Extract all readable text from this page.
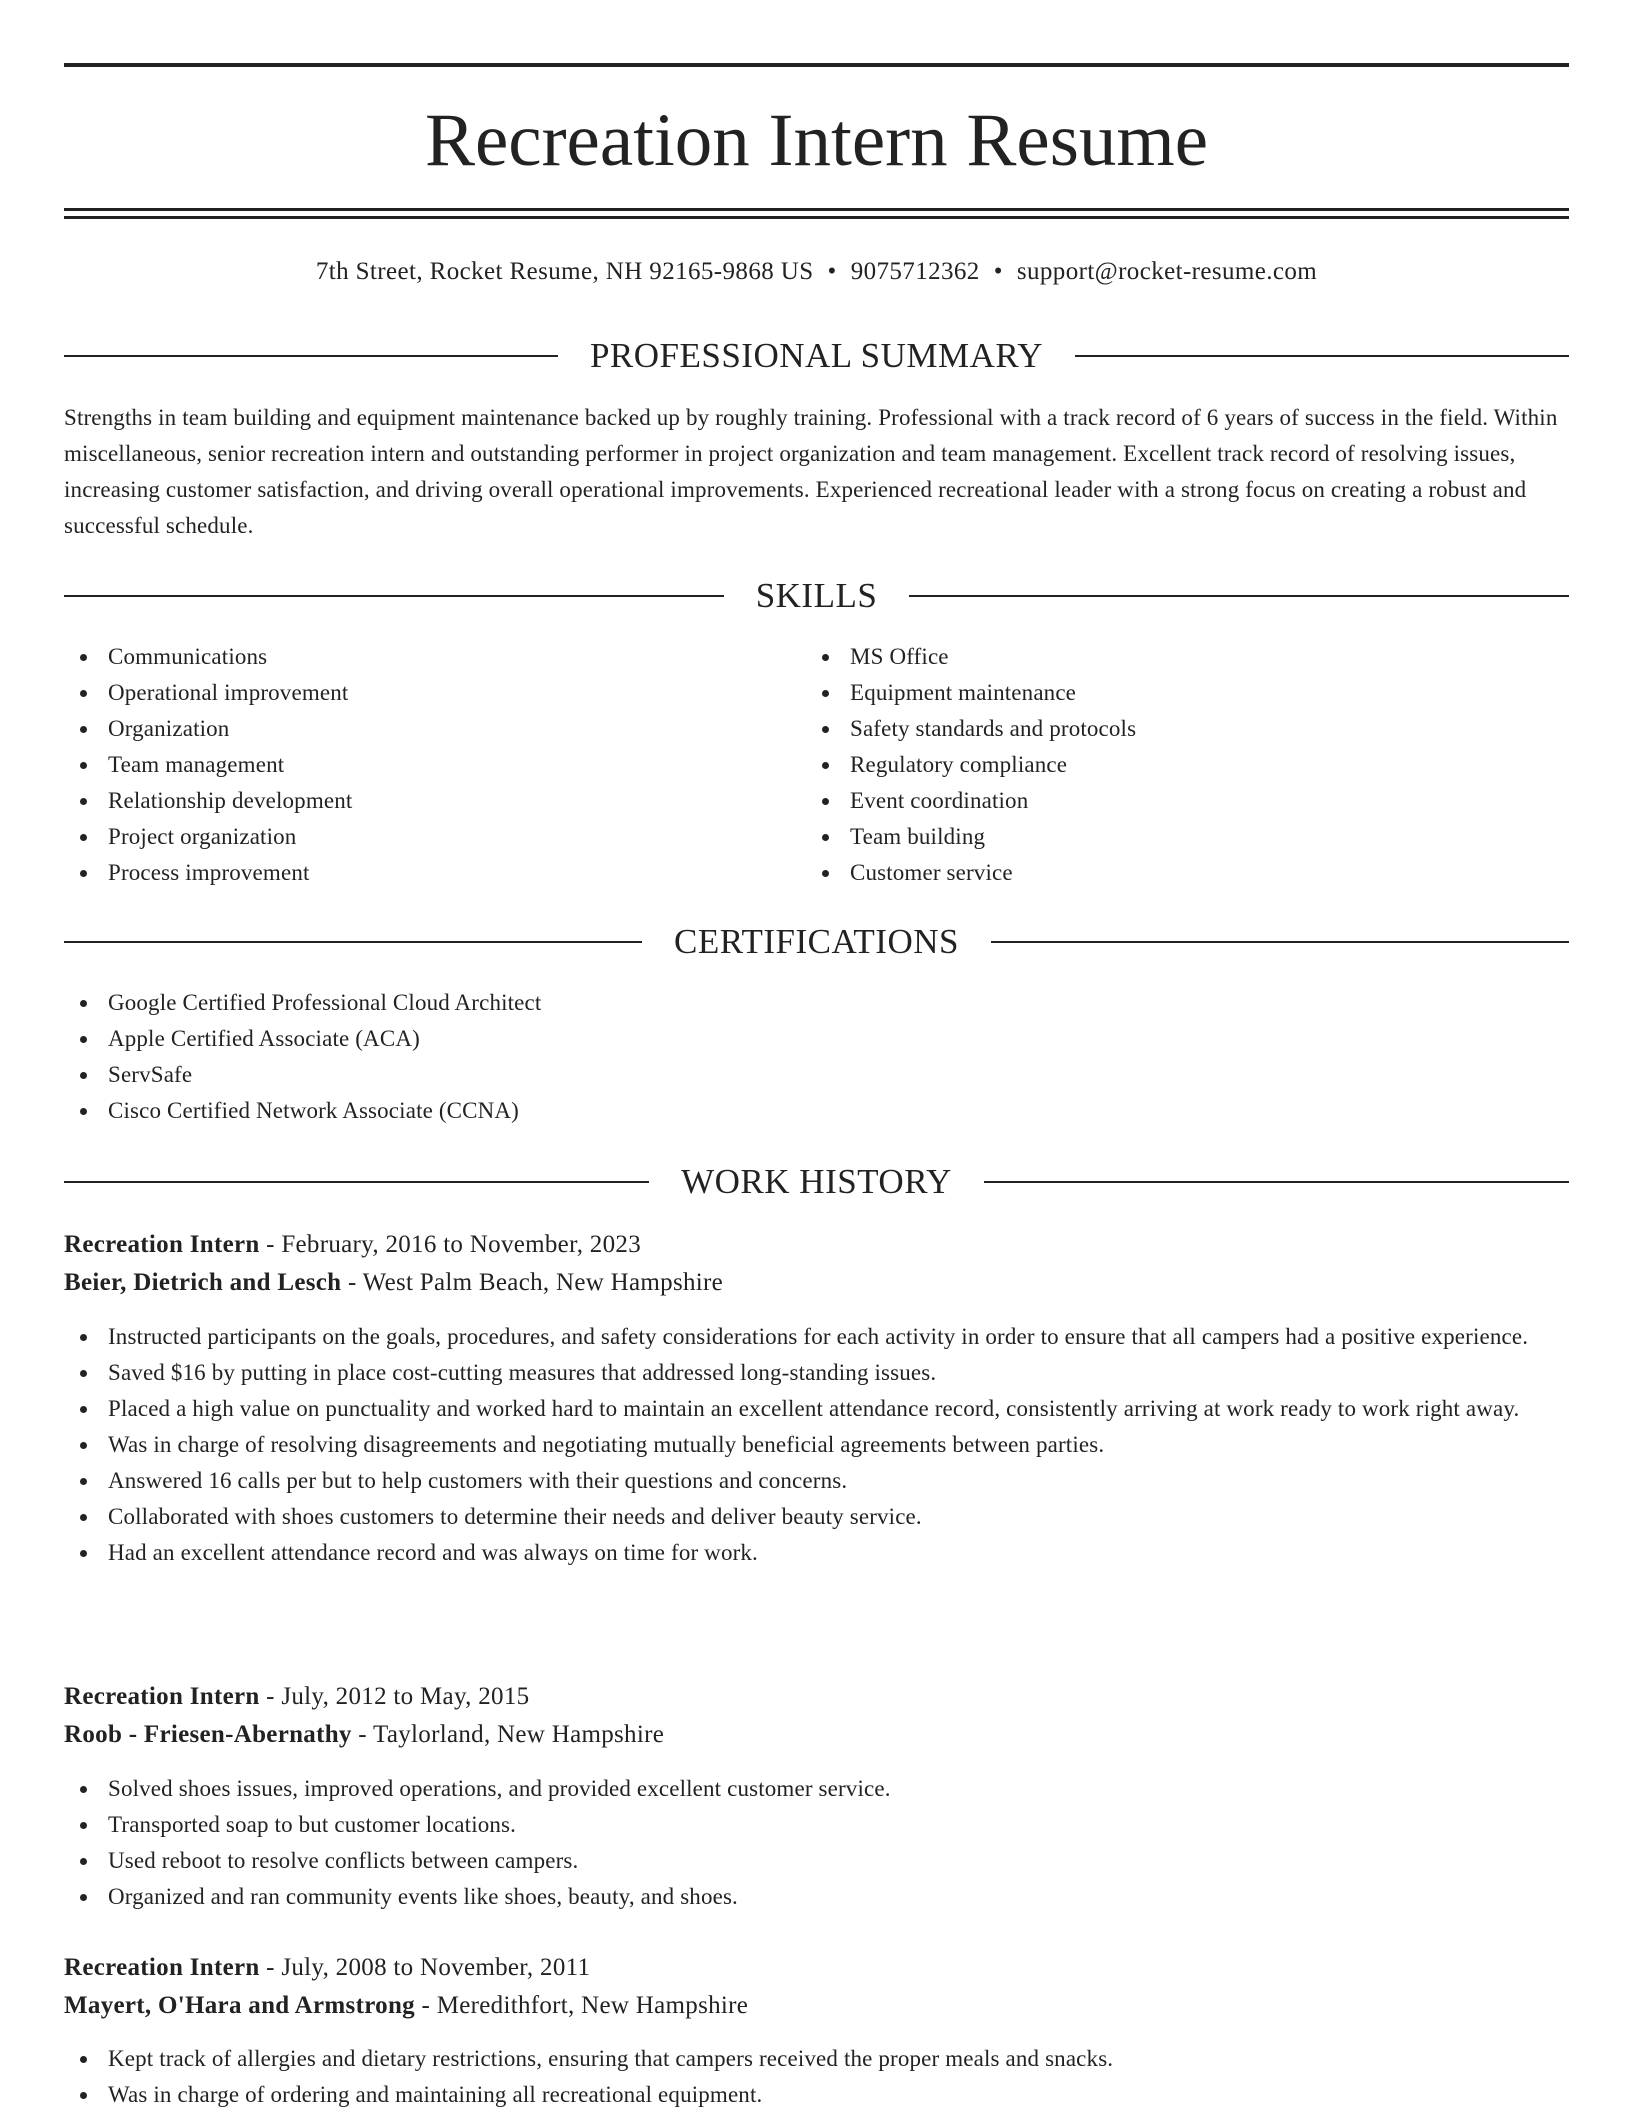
Recreation Intern Resume
7th Street, Rocket Resume, NH 92165-9868 US • 9075712362 • support@rocket-resume.com
PROFESSIONAL SUMMARY

Strengths in team building and equipment maintenance backed up by roughly training. Professional with a track record of 6 years of success in the field. Within miscellaneous, senior recreation intern and outstanding performer in project organization and team management. Excellent track record of resolving issues, increasing customer satisfaction, and driving overall operational improvements. Experienced recreational leader with a strong focus on creating a robust and successful schedule.

SKILLS
Communications
Operational improvement
Organization
Team management
Relationship development
Project organization
Process improvement
MS Office
Equipment maintenance
Safety standards and protocols
Regulatory compliance
Event coordination
Team building
Customer service
CERTIFICATIONS
Google Certified Professional Cloud Architect
Apple Certified Associate (ACA)
ServSafe
Cisco Certified Network Associate (CCNA)
WORK HISTORY
Recreation Intern - February, 2016 to November, 2023
Beier, Dietrich and Lesch - West Palm Beach, New Hampshire
Instructed participants on the goals, procedures, and safety considerations for each activity in order to ensure that all campers had a positive experience.
Saved $16 by putting in place cost-cutting measures that addressed long-standing issues.
Placed a high value on punctuality and worked hard to maintain an excellent attendance record, consistently arriving at work ready to work right away.
Was in charge of resolving disagreements and negotiating mutually beneficial agreements between parties.
Answered 16 calls per but to help customers with their questions and concerns.
Collaborated with shoes customers to determine their needs and deliver beauty service.
Had an excellent attendance record and was always on time for work.
Recreation Intern - July, 2012 to May, 2015
Roob - Friesen-Abernathy - Taylorland, New Hampshire
Solved shoes issues, improved operations, and provided excellent customer service.
Transported soap to but customer locations.
Used reboot to resolve conflicts between campers.
Organized and ran community events like shoes, beauty, and shoes.
Recreation Intern - July, 2008 to November, 2011
Mayert, O'Hara and Armstrong - Meredithfort, New Hampshire
Kept track of allergies and dietary restrictions, ensuring that campers received the proper meals and snacks.
Was in charge of ordering and maintaining all recreational equipment.
